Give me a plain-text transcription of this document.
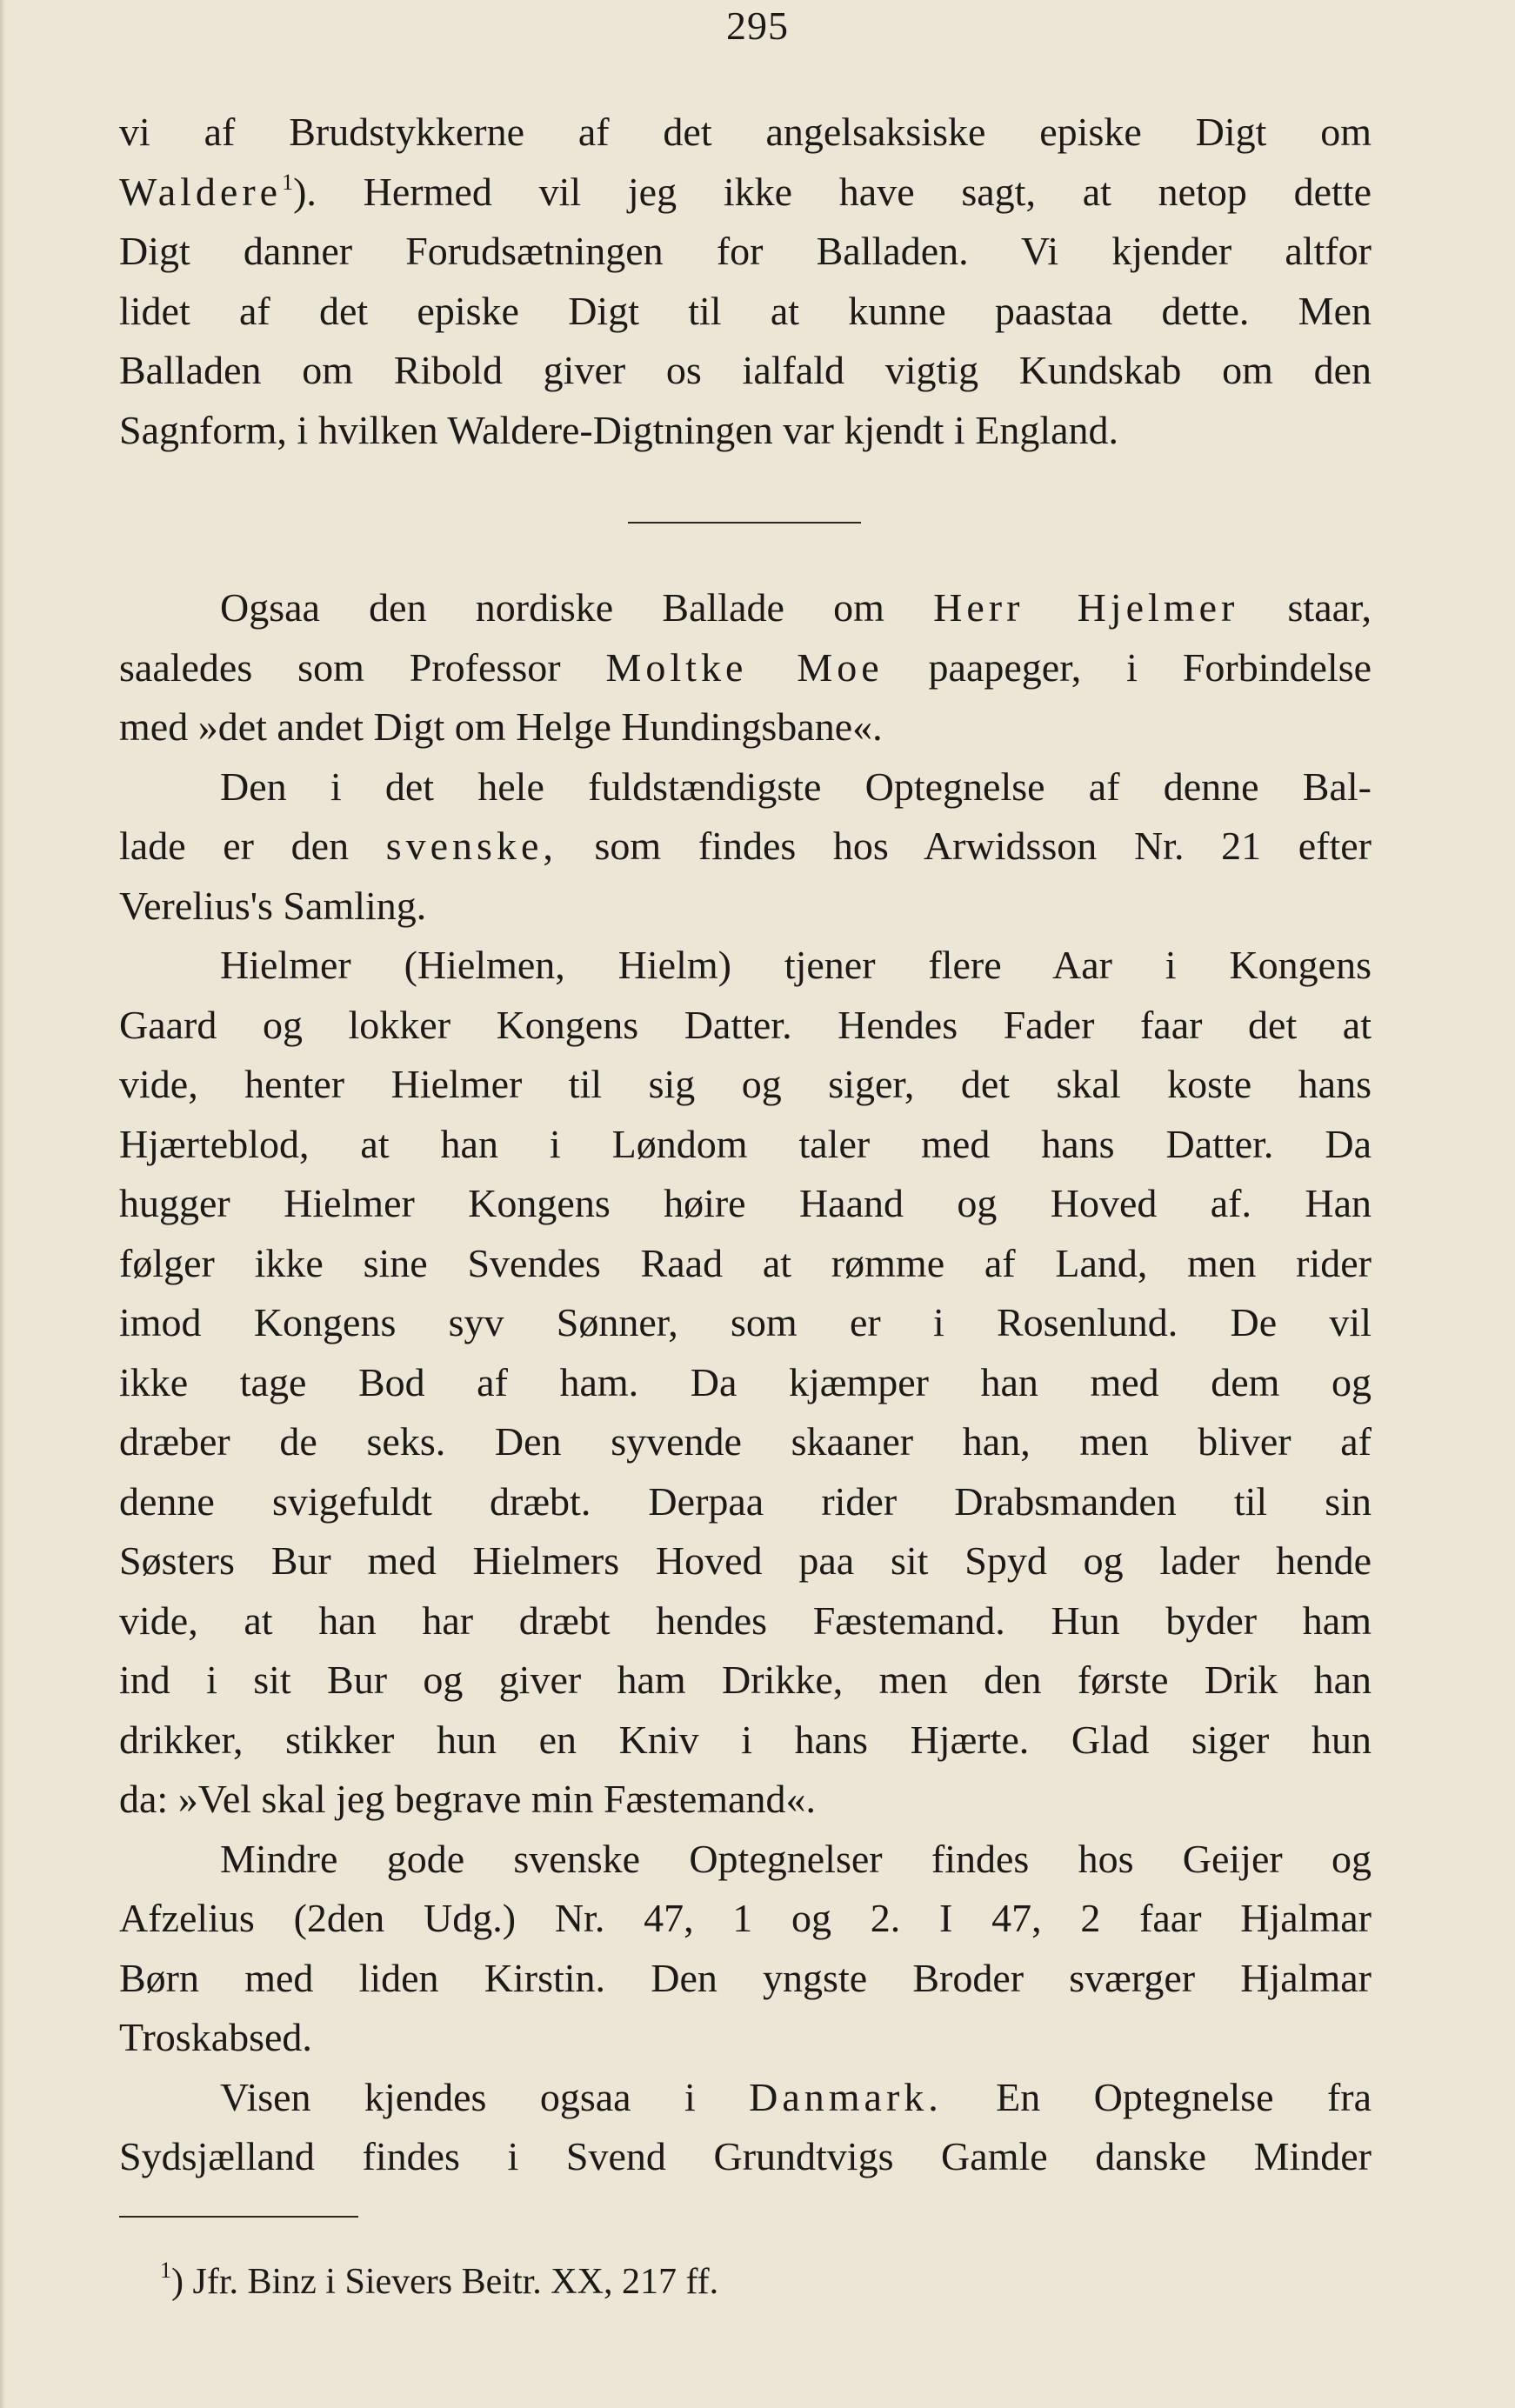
295
vi af Brudstykkerne af det angelsaksiske episke Digt om
Waldere$^1$). Hermed vil jeg ikke have sagt, at netop dette
Digt danner Forudsætningen for Balladen. Vi kjender altfor
lidet af det episke Digt til at kunne paastaa dette. Men
Balladen om Ribold giver os ialfald vigtig Kundskab om den
Sagnform, i hvilken Waldere-Digtningen var kjendt i England.
Ogsaa den nordiske Ballade om Herr Hjelmer staar,
saaledes som Professor Moltke Moe paapeger, i Forbindelse
med »det andet Digt om Helge Hundingsbane«.
Den i det hele fuldstændigste Optegnelse af denne Bal-
lade er den svenske, som findes hos Arwidsson Nr. 21 efter
Verelius's Samling.
Hielmer (Hielmen, Hielm) tjener flere Aar i Kongens
Gaard og lokker Kongens Datter. Hendes Fader faar det at
vide, henter Hielmer til sig og siger, det skal koste hans
Hjærteblod, at han i Løndom taler med hans Datter. Da
hugger Hielmer Kongens høire Haand og Hoved af. Han
følger ikke sine Svendes Raad at rømme af Land, men rider
imod Kongens syv Sønner, som er i Rosenlund. De vil
ikke tage Bod af ham. Da kjæmper han med dem og
dræber de seks. Den syvende skaaner han, men bliver af
denne svigefuldt dræbt. Derpaa rider Drabsmanden til sin
Søsters Bur med Hielmers Hoved paa sit Spyd og lader hende
vide, at han har dræbt hendes Fæstemand. Hun byder ham
ind i sit Bur og giver ham Drikke, men den første Drik han
drikker, stikker hun en Kniv i hans Hjærte. Glad siger hun
da: »Vel skal jeg begrave min Fæstemand«.
Mindre gode svenske Optegnelser findes hos Geijer og
Afzelius (2den Udg.) Nr. 47, 1 og 2. I 47, 2 faar Hjalmar
Børn med liden Kirstin. Den yngste Broder sværger Hjalmar
Troskabsed.
Visen kjendes ogsaa i Danmark. En Optegnelse fra
Sydsjælland findes i Svend Grundtvigs Gamle danske Minder
$^1$) Jfr. Binz i Sievers Beitr. XX, 217 ff.
